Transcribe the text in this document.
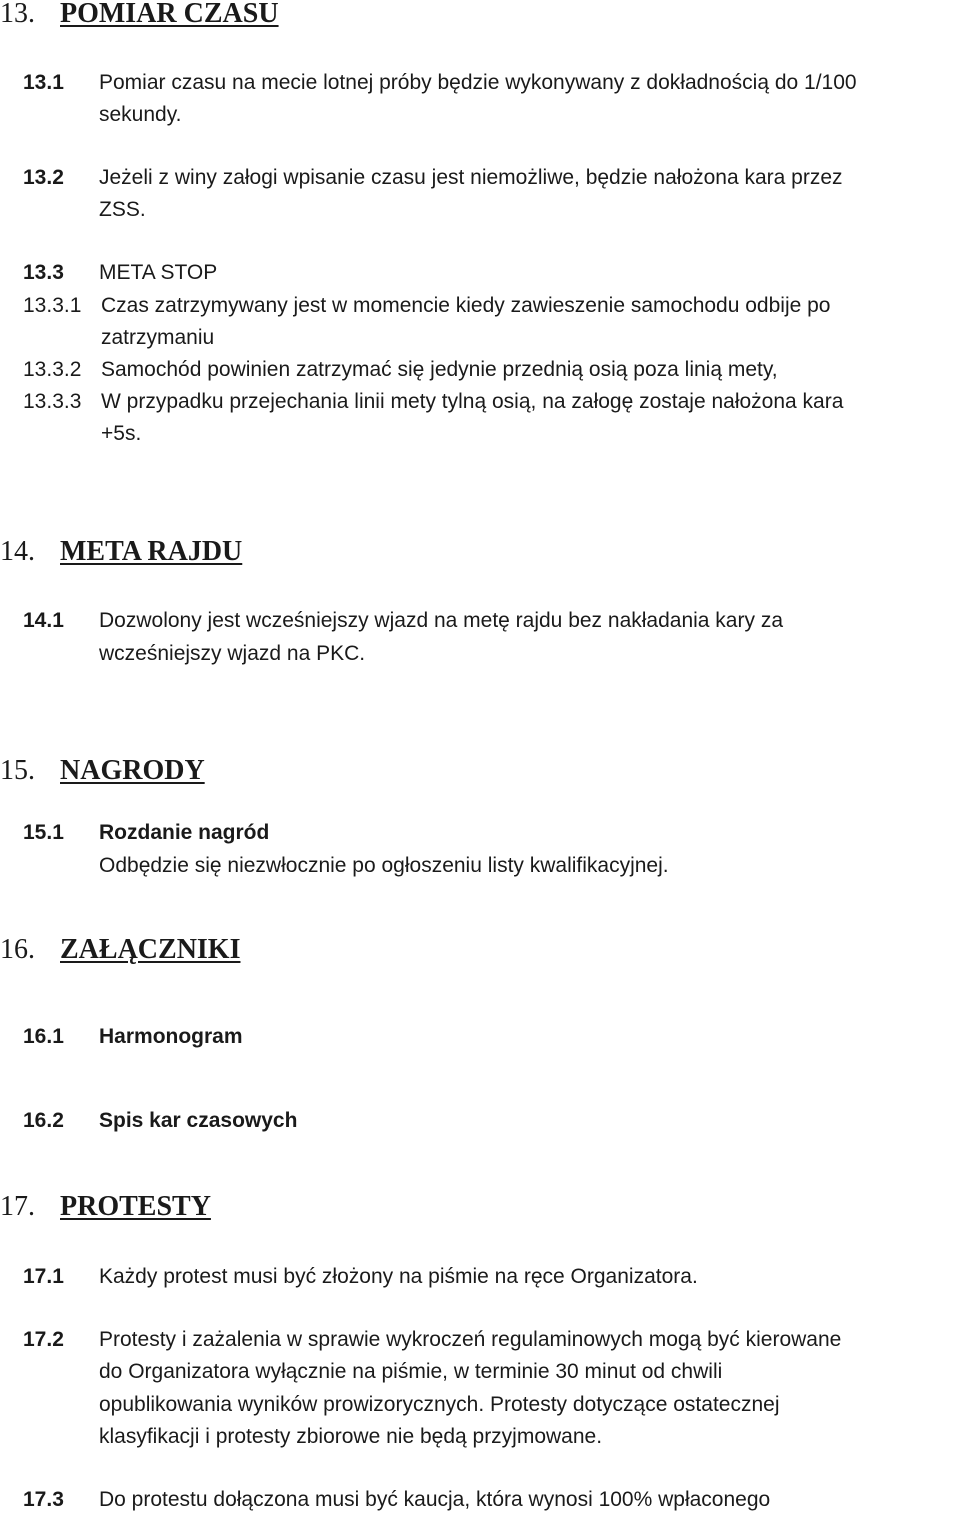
13. POMIAR CZASU
13.1 Pomiar czasu na mecie lotnej próby będzie wykonywany z dokładnością do 1/100
sekundy.
13.2 Jeżeli z winy załogi wpisanie czasu jest niemożliwe, będzie nałożona kara przez
ZSS.
13.3 META STOP
13.3.1 Czas zatrzymywany jest w momencie kiedy zawieszenie samochodu odbije po
zatrzymaniu
13.3.2 Samochód powinien zatrzymać się jedynie przednią osią poza linią mety,
13.3.3 W przypadku przejechania linii mety tylną osią, na załogę zostaje nałożona kara
+5s.
14. META RAJDU
14.1 Dozwolony jest wcześniejszy wjazd na metę rajdu bez nakładania kary za
wcześniejszy wjazd na PKC.
15. NAGRODY
15.1 Rozdanie nagród
Odbędzie się niezwłocznie po ogłoszeniu listy kwalifikacyjnej.
16. ZAŁĄCZNIKI
16.1 Harmonogram
16.2 Spis kar czasowych
17. PROTESTY
17.1 Każdy protest musi być złożony na piśmie na ręce Organizatora.
17.2 Protesty i zażalenia w sprawie wykroczeń regulaminowych mogą być kierowane
do Organizatora wyłącznie na piśmie, w terminie 30 minut od chwili
opublikowania wyników prowizorycznych. Protesty dotyczące ostatecznej
klasyfikacji i protesty zbiorowe nie będą przyjmowane.
17.3 Do protestu dołączona musi być kaucja, która wynosi 100% wpłaconego
